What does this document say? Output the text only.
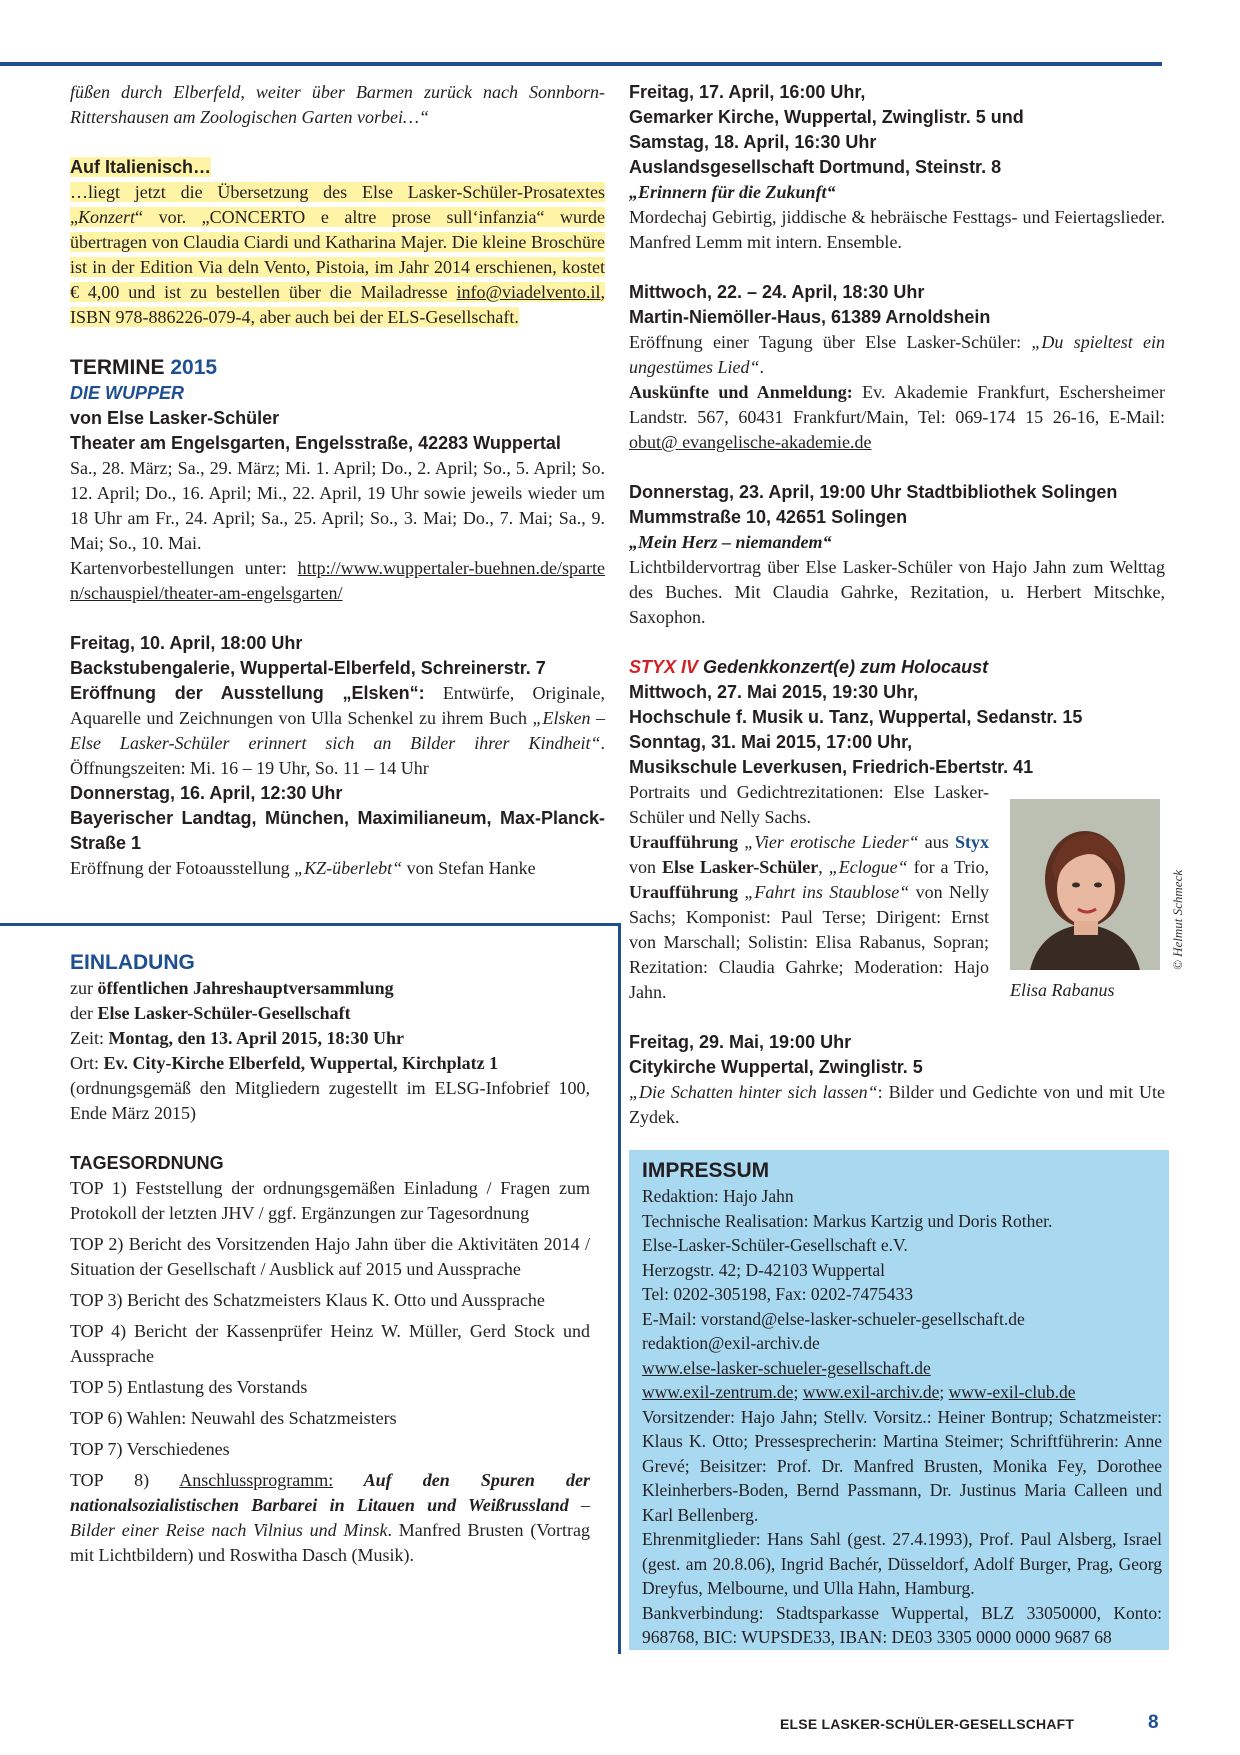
füßen durch Elberfeld, weiter über Barmen zurück nach Sonnborn-Rittershausen am Zoologischen Garten vorbei…“

Auf Italienisch…

…liegt jetzt die Übersetzung des Else Lasker-Schüler-Prosatextes „Konzert“ vor. „CONCERTO e altre prose sull‘infanzia“ wurde übertragen von Claudia Ciardi und Katharina Majer. Die kleine Broschüre ist in der Edition Via deln Vento, Pistoia, im Jahr 2014 erschienen, kostet € 4,00 und ist zu bestellen über die Mailadresse info@viadelvento.il, ISBN 978-886226-079-4, aber auch bei der ELS-Gesellschaft.

TERMINE 2015

DIE WUPPER

von Else Lasker-Schüler

Theater am Engelsgarten, Engelsstraße, 42283 Wuppertal

Sa., 28. März; Sa., 29. März; Mi. 1. April; Do., 2. April; So., 5. April; So. 12. April; Do., 16. April; Mi., 22. April, 19 Uhr sowie jeweils wieder um 18 Uhr am Fr., 24. April; Sa., 25. April; So., 3. Mai; Do., 7. Mai; Sa., 9. Mai; So., 10. Mai.

Kartenvorbestellungen unter: http://www.wuppertaler-buehnen.de/sparten/schauspiel/theater-am-engelsgarten/

Freitag, 10. April, 18:00 Uhr

Backstubengalerie, Wuppertal-Elberfeld, Schreinerstr. 7

Eröffnung der Ausstellung „Elsken“: Entwürfe, Originale, Aquarelle und Zeichnungen von Ulla Schenkel zu ihrem Buch „Elsken – Else Lasker-Schüler erinnert sich an Bilder ihrer Kindheit“. Öffnungszeiten: Mi. 16 – 19 Uhr, So. 11 – 14 Uhr

Donnerstag, 16. April, 12:30 Uhr

Bayerischer Landtag, München, Maximilianeum, Max-Planck-Straße 1

Eröffnung der Fotoausstellung „KZ-überlebt“ von Stefan Hanke

EINLADUNG

zur öffentlichen Jahreshauptversammlung

der Else Lasker-Schüler-Gesellschaft

Zeit: Montag, den 13. April 2015, 18:30 Uhr

Ort: Ev. City-Kirche Elberfeld, Wuppertal, Kirchplatz 1

(ordnungsgemäß den Mitgliedern zugestellt im ELSG-Infobrief 100, Ende März 2015)

TAGESORDNUNG

TOP 1) Feststellung der ordnungsgemäßen Einladung / Fragen zum Protokoll der letzten JHV / ggf. Ergänzungen zur Tagesordnung

TOP 2) Bericht des Vorsitzenden Hajo Jahn über die Aktivitäten 2014 / Situation der Gesellschaft / Ausblick auf 2015 und Aussprache

TOP 3) Bericht des Schatzmeisters Klaus K. Otto und Aussprache

TOP 4) Bericht der Kassenprüfer Heinz W. Müller, Gerd Stock und Aussprache

TOP 5) Entlastung des Vorstands

TOP 6) Wahlen: Neuwahl des Schatzmeisters

TOP 7) Verschiedenes

TOP 8) Anschlussprogramm: Auf den Spuren der nationalsozialistischen Barbarei in Litauen und Weißrussland – Bilder einer Reise nach Vilnius und Minsk. Manfred Brusten (Vortrag mit Lichtbildern) und Roswitha Dasch (Musik).

Freitag, 17. April, 16:00 Uhr,

Gemarker Kirche, Wuppertal, Zwinglistr. 5 und

Samstag, 18. April, 16:30 Uhr

Auslandsgesellschaft Dortmund, Steinstr. 8

„Erinnern für die Zukunft“

Mordechaj Gebirtig, jiddische & hebräische Festtags- und Feiertagslieder. Manfred Lemm mit intern. Ensemble.

Mittwoch, 22. – 24. April, 18:30 Uhr

Martin-Niemöller-Haus, 61389 Arnoldshein

Eröffnung einer Tagung über Else Lasker-Schüler: „Du spieltest ein ungestümes Lied“.

Auskünfte und Anmeldung: Ev. Akademie Frankfurt, Eschersheimer Landstr. 567, 60431 Frankfurt/Main, Tel: 069-174 15 26-16, E-Mail: obut@ evangelische-akademie.de

Donnerstag, 23. April, 19:00 Uhr Stadtbibliothek Solingen

Mummstraße 10, 42651 Solingen

„Mein Herz – niemandem“

Lichtbildervortrag über Else Lasker-Schüler von Hajo Jahn zum Welttag des Buches. Mit Claudia Gahrke, Rezitation, u. Herbert Mitschke, Saxophon.

STYX IV Gedenkkonzert(e) zum Holocaust

Mittwoch, 27. Mai 2015, 19:30 Uhr,

Hochschule f. Musik u. Tanz, Wuppertal, Sedanstr. 15

Sonntag, 31. Mai 2015, 17:00 Uhr,

Musikschule Leverkusen, Friedrich-Ebertstr. 41

Portraits und Gedichtrezitationen: Else Lasker-Schüler und Nelly Sachs.

Uraufführung „Vier erotische Lieder“ aus Styx von Else Lasker-Schüler, „Eclogue“ for a Trio, Uraufführung „Fahrt ins Staublose“ von Nelly Sachs; Komponist: Paul Terse; Dirigent: Ernst von Marschall; Solistin: Elisa Rabanus, Sopran; Rezitation: Claudia Gahrke; Moderation: Hajo Jahn.

Freitag, 29. Mai, 19:00 Uhr

Citykirche Wuppertal, Zwinglistr. 5

„Die Schatten hinter sich lassen“: Bilder und Gedichte von und mit Ute Zydek.

© Helmut Schmeck
Elisa Rabanus

IMPRESSUM

Redaktion: Hajo Jahn

Technische Realisation: Markus Kartzig und Doris Rother.

Else-Lasker-Schüler-Gesellschaft e.V.

Herzogstr. 42; D-42103 Wuppertal

Tel: 0202-305198, Fax: 0202-7475433

E-Mail: vorstand@else-lasker-schueler-gesellschaft.de

redaktion@exil-archiv.de

www.else-lasker-schueler-gesellschaft.de

www.exil-zentrum.de; www.exil-archiv.de; www-exil-club.de

Vorsitzender: Hajo Jahn; Stellv. Vorsitz.: Heiner Bontrup; Schatzmeister: Klaus K. Otto; Pressesprecherin: Martina Steimer; Schriftführerin: Anne Grevé; Beisitzer: Prof. Dr. Manfred Brusten, Monika Fey, Dorothee Kleinherbers-Boden, Bernd Passmann, Dr. Justinus Maria Calleen und Karl Bellenberg.

Ehrenmitglieder: Hans Sahl (gest. 27.4.1993), Prof. Paul Alsberg, Israel (gest. am 20.8.06), Ingrid Bachér, Düsseldorf, Adolf Burger, Prag, Georg Dreyfus, Melbourne, und Ulla Hahn, Hamburg.

Bankverbindung: Stadtsparkasse Wuppertal, BLZ 33050000, Konto: 968768, BIC: WUPSDE33, IBAN: DE03 3305 0000 0000 9687 68

ELSE LASKER-SCHÜLER-GESELLSCHAFT	8
